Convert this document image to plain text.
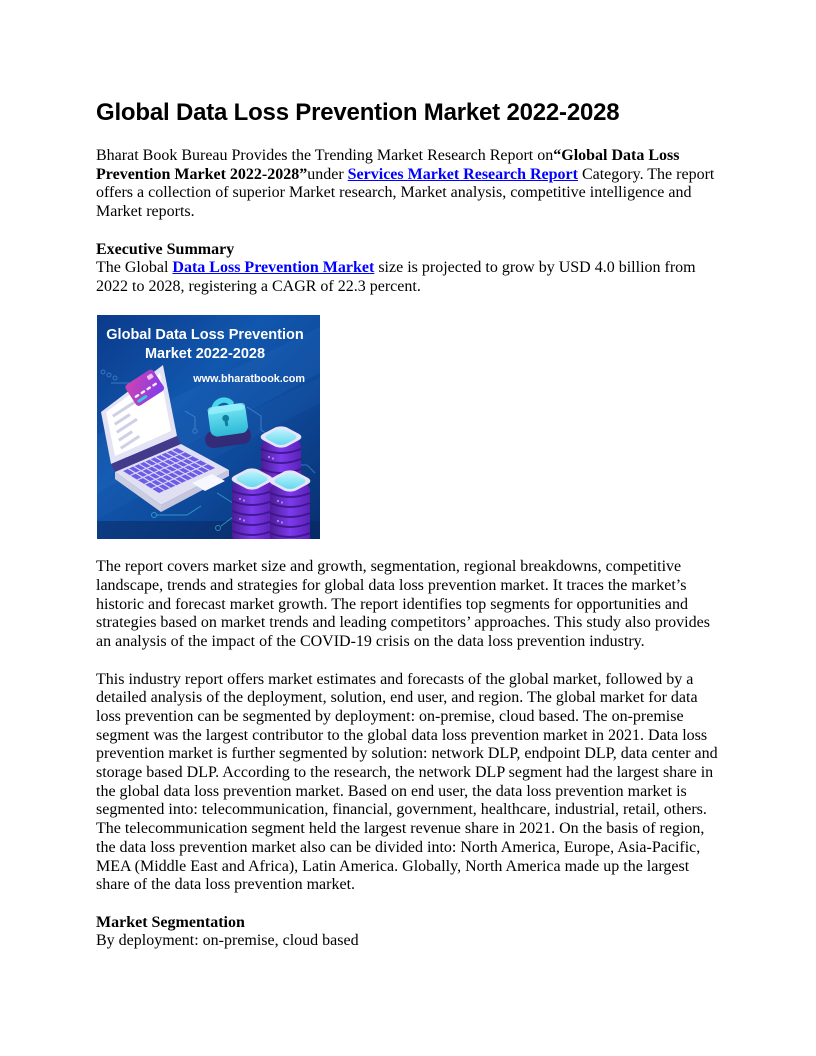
Global Data Loss Prevention Market 2022-2028

Bharat Book Bureau Provides the Trending Market Research Report on“Global Data Loss Prevention Market 2022-2028”under Services Market Research Report Category. The report offers a collection of superior Market research, Market analysis, competitive intelligence and Market reports.

Executive Summary
The Global Data Loss Prevention Market size is projected to grow by USD 4.0 billion from 2022 to 2028, registering a CAGR of 22.3 percent.

Global Data Loss Prevention
Market 2022-2028
www.bharatbook.com

The report covers market size and growth, segmentation, regional breakdowns, competitive landscape, trends and strategies for global data loss prevention market. It traces the market’s historic and forecast market growth. The report identifies top segments for opportunities and strategies based on market trends and leading competitors’ approaches. This study also provides an analysis of the impact of the COVID-19 crisis on the data loss prevention industry.

This industry report offers market estimates and forecasts of the global market, followed by a detailed analysis of the deployment, solution, end user, and region. The global market for data loss prevention can be segmented by deployment: on-premise, cloud based. The on-premise segment was the largest contributor to the global data loss prevention market in 2021. Data loss prevention market is further segmented by solution: network DLP, endpoint DLP, data center and storage based DLP. According to the research, the network DLP segment had the largest share in the global data loss prevention market. Based on end user, the data loss prevention market is segmented into: telecommunication, financial, government, healthcare, industrial, retail, others. The telecommunication segment held the largest revenue share in 2021. On the basis of region, the data loss prevention market also can be divided into: North America, Europe, Asia-Pacific, MEA (Middle East and Africa), Latin America. Globally, North America made up the largest share of the data loss prevention market.

Market Segmentation
By deployment: on-premise, cloud based
